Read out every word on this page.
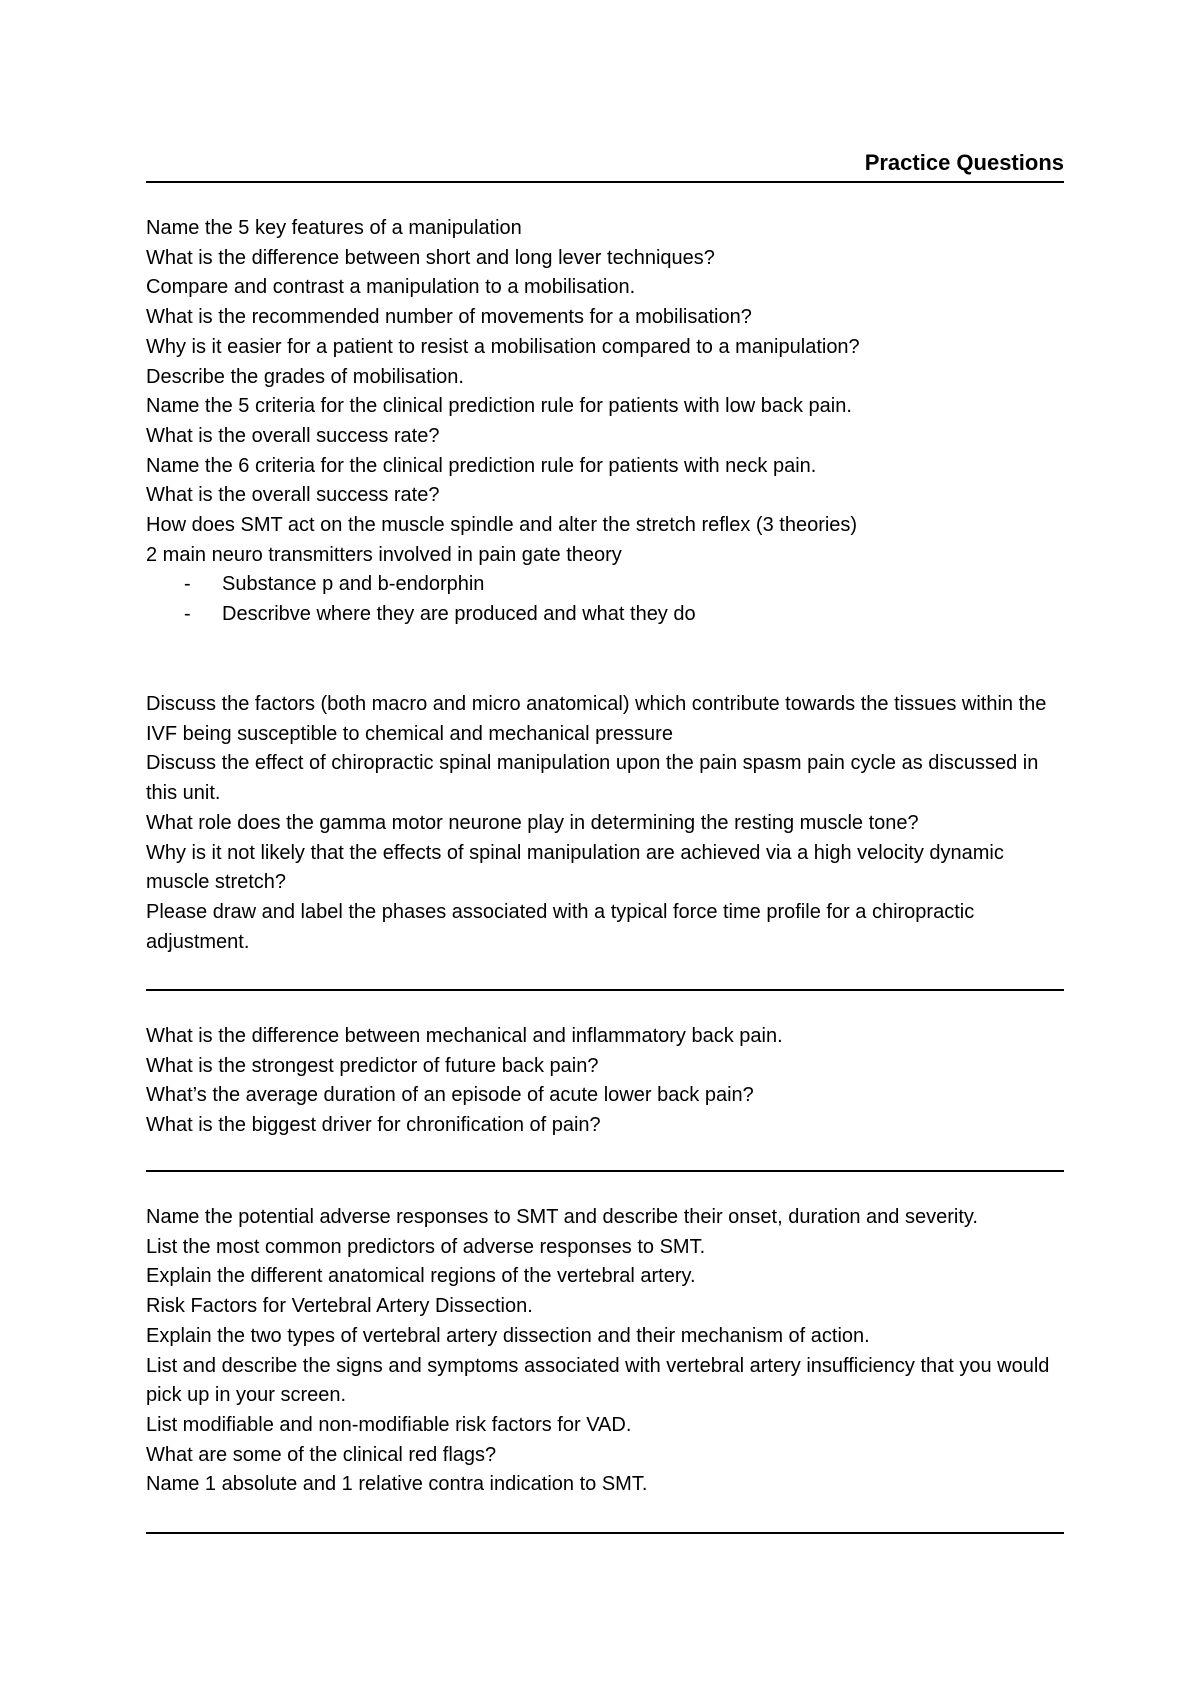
Practice Questions
Name the 5 key features of a manipulation
What is the difference between short and long lever techniques?
Compare and contrast a manipulation to a mobilisation.
What is the recommended number of movements for a mobilisation?
Why is it easier for a patient to resist a mobilisation compared to a manipulation?
Describe the grades of mobilisation.
Name the 5 criteria for the clinical prediction rule for patients with low back pain.
What is the overall success rate?
Name the 6 criteria for the clinical prediction rule for patients with neck pain.
What is the overall success rate?
How does SMT act on the muscle spindle and alter the stretch reflex (3 theories)
2 main neuro transmitters involved in pain gate theory
- Substance p and b-endorphin
- Describve where they are produced and what they do
Discuss the factors (both macro and micro anatomical) which contribute towards the tissues within the IVF being susceptible to chemical and mechanical pressure
Discuss the effect of chiropractic spinal manipulation upon the pain spasm pain cycle as discussed in this unit.
What role does the gamma motor neurone play in determining the resting muscle tone?
Why is it not likely that the effects of spinal manipulation are achieved via a high velocity dynamic muscle stretch?
Please draw and label the phases associated with a typical force time profile for a chiropractic adjustment.
What is the difference between mechanical and inflammatory back pain.
What is the strongest predictor of future back pain?
What’s the average duration of an episode of acute lower back pain?
What is the biggest driver for chronification of pain?
Name the potential adverse responses to SMT and describe their onset, duration and severity.
List the most common predictors of adverse responses to SMT.
Explain the different anatomical regions of the vertebral artery.
Risk Factors for Vertebral Artery Dissection.
Explain the two types of vertebral artery dissection and their mechanism of action.
List and describe the signs and symptoms associated with vertebral artery insufficiency that you would pick up in your screen.
List modifiable and non-modifiable risk factors for VAD.
What are some of the clinical red flags?
Name 1 absolute and 1 relative contra indication to SMT.
